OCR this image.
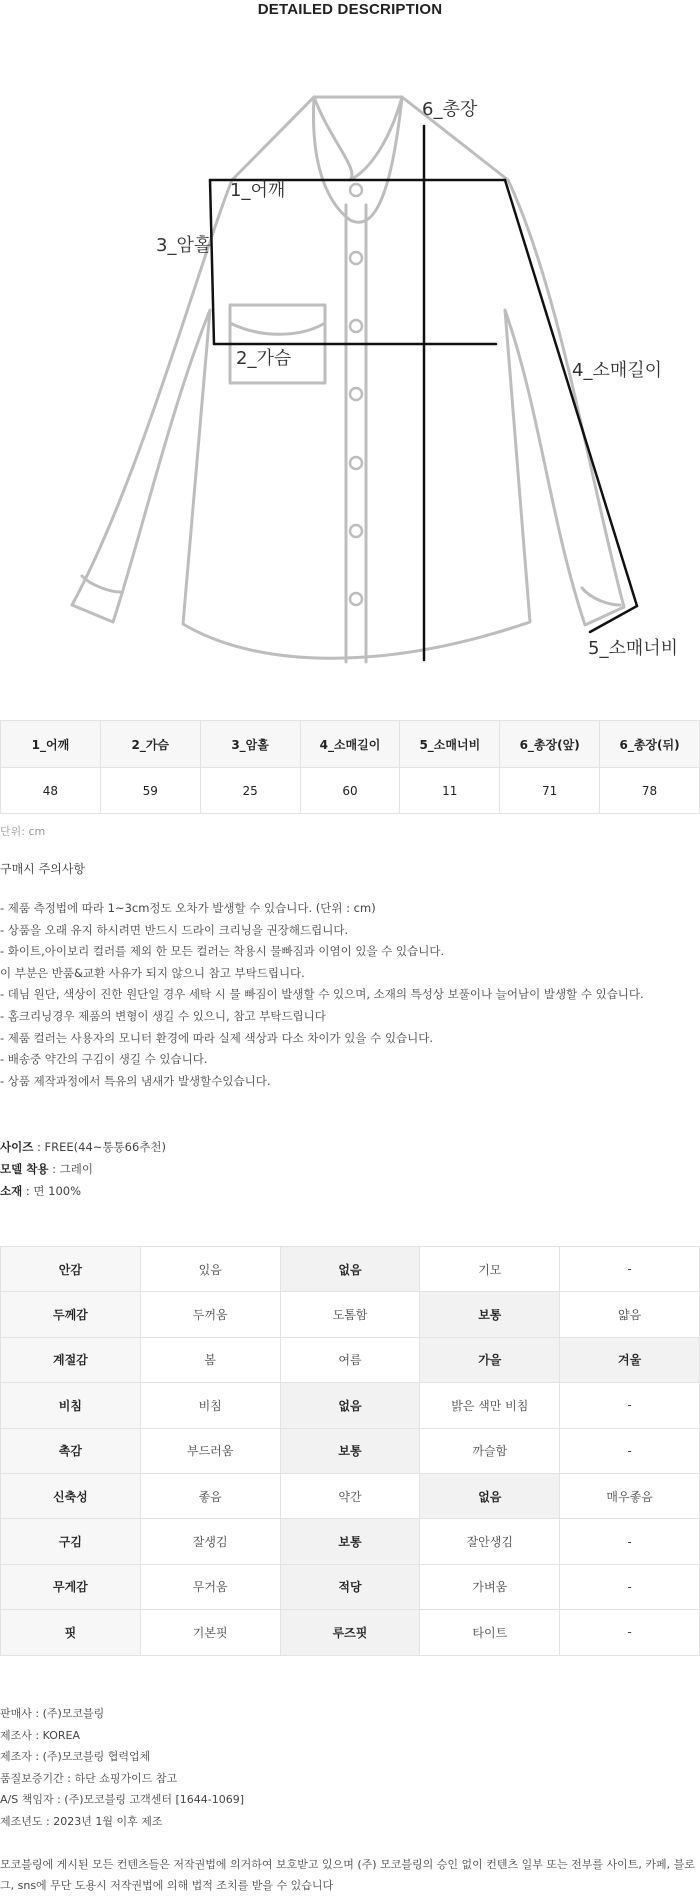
DETAILED DESCRIPTION
1_어깨
2_가슴
3_암홀
4_소매길이
5_소매너비
6_총장
1_어깨	2_가슴	3_암홀	4_소매길이	5_소매너비	6_총장(앞)	6_총장(뒤)
48	59	25	60	11	71	78
단위: cm
구매시 주의사항
- 제품 측정법에 따라 1~3cm정도 오차가 발생할 수 있습니다. (단위 : cm)
- 상품을 오래 유지 하시려면 반드시 드라이 크리닝을 권장해드립니다.
- 화이트,아이보리 컬러를 제외 한 모든 컬러는 착용시 물빠짐과 이염이 있을 수 있습니다.
이 부분은 반품&교환 사유가 되지 않으니 참고 부탁드립니다.
- 데님 원단, 색상이 진한 원단일 경우 세탁 시 물 빠짐이 발생할 수 있으며, 소재의 특성상 보풀이나 늘어남이 발생할 수 있습니다.
- 홈크리닝경우 제품의 변형이 생길 수 있으니, 참고 부탁드립니다
- 제품 컬러는 사용자의 모니터 환경에 따라 실제 색상과 다소 차이가 있을 수 있습니다.
- 배송중 약간의 구김이 생길 수 있습니다.
- 상품 제작과정에서 특유의 냄새가 발생할수있습니다.
사이즈 : FREE(44~통통66추천)
모델 착용 : 그레이
소재 : 면 100%
안감	있음	없음	기모	-
두께감	두꺼움	도톰함	보통	얇음
계절감	봄	여름	가을	겨울
비침	비침	없음	밝은 색만 비침	-
촉감	부드러움	보통	까슬함	-
신축성	좋음	약간	없음	매우좋음
구김	잘생김	보통	잘안생김	-
무게감	무거움	적당	가벼움	-
핏	기본핏	루즈핏	타이트	-
판매사 : (주)모코블링
제조사 : KOREA
제조자 : (주)모코블링 협력업체
품질보증기간 : 하단 쇼핑가이드 참고
A/S 책임자 : (주)모코블링 고객센터 [1644-1069]
제조년도 : 2023년 1월 이후 제조
모코블링에 게시된 모든 컨텐츠들은 저작권법에 의거하여 보호받고 있으며 (주) 모코블링의 승인 없이 컨텐츠 일부 또는 전부를 사이트, 카페, 블로그, sns에 무단 도용시 저작권법에 의해 법적 조치를 받을 수 있습니다
